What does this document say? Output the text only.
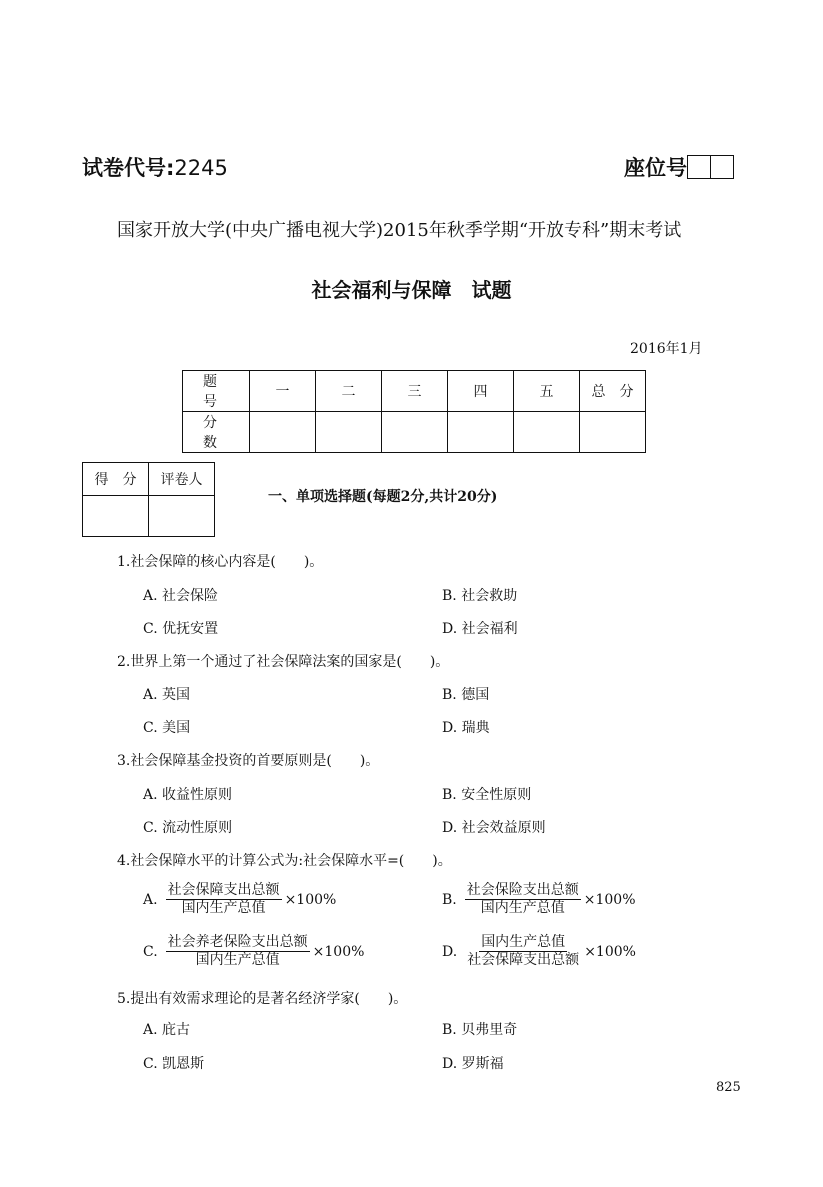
试卷代号:2245	座位号
国家开放大学(中央广播电视大学)2015年秋季学期“开放专科”期末考试
社会福利与保障　试题
2016年1月
题　号	一	二	三	四	五	总　分
分　数						
得　分	评卷人

一、单项选择题(每题2分,共计20分)
1.社会保障的核心内容是(　　)。
A. 社会保险	B. 社会救助
C. 优抚安置	D. 社会福利
2.世界上第一个通过了社会保障法案的国家是(　　)。
A. 英国	B. 德国
C. 美国	D. 瑞典
3.社会保障基金投资的首要原则是(　　)。
A. 收益性原则	B. 安全性原则
C. 流动性原则	D. 社会效益原则
4.社会保障水平的计算公式为:社会保障水平=(　　)。
A. $\frac{\text{社会保障支出总额}}{\text{国内生产总值}} \times 100\%$	B. $\frac{\text{社会保险支出总额}}{\text{国内生产总值}} \times 100\%$
C. $\frac{\text{社会养老保险支出总额}}{\text{国内生产总值}} \times 100\%$	D. $\frac{\text{国内生产总值}}{\text{社会保障支出总额}} \times 100\%$
5.提出有效需求理论的是著名经济学家(　　)。
A. 庇古	B. 贝弗里奇
C. 凯恩斯	D. 罗斯福
825
